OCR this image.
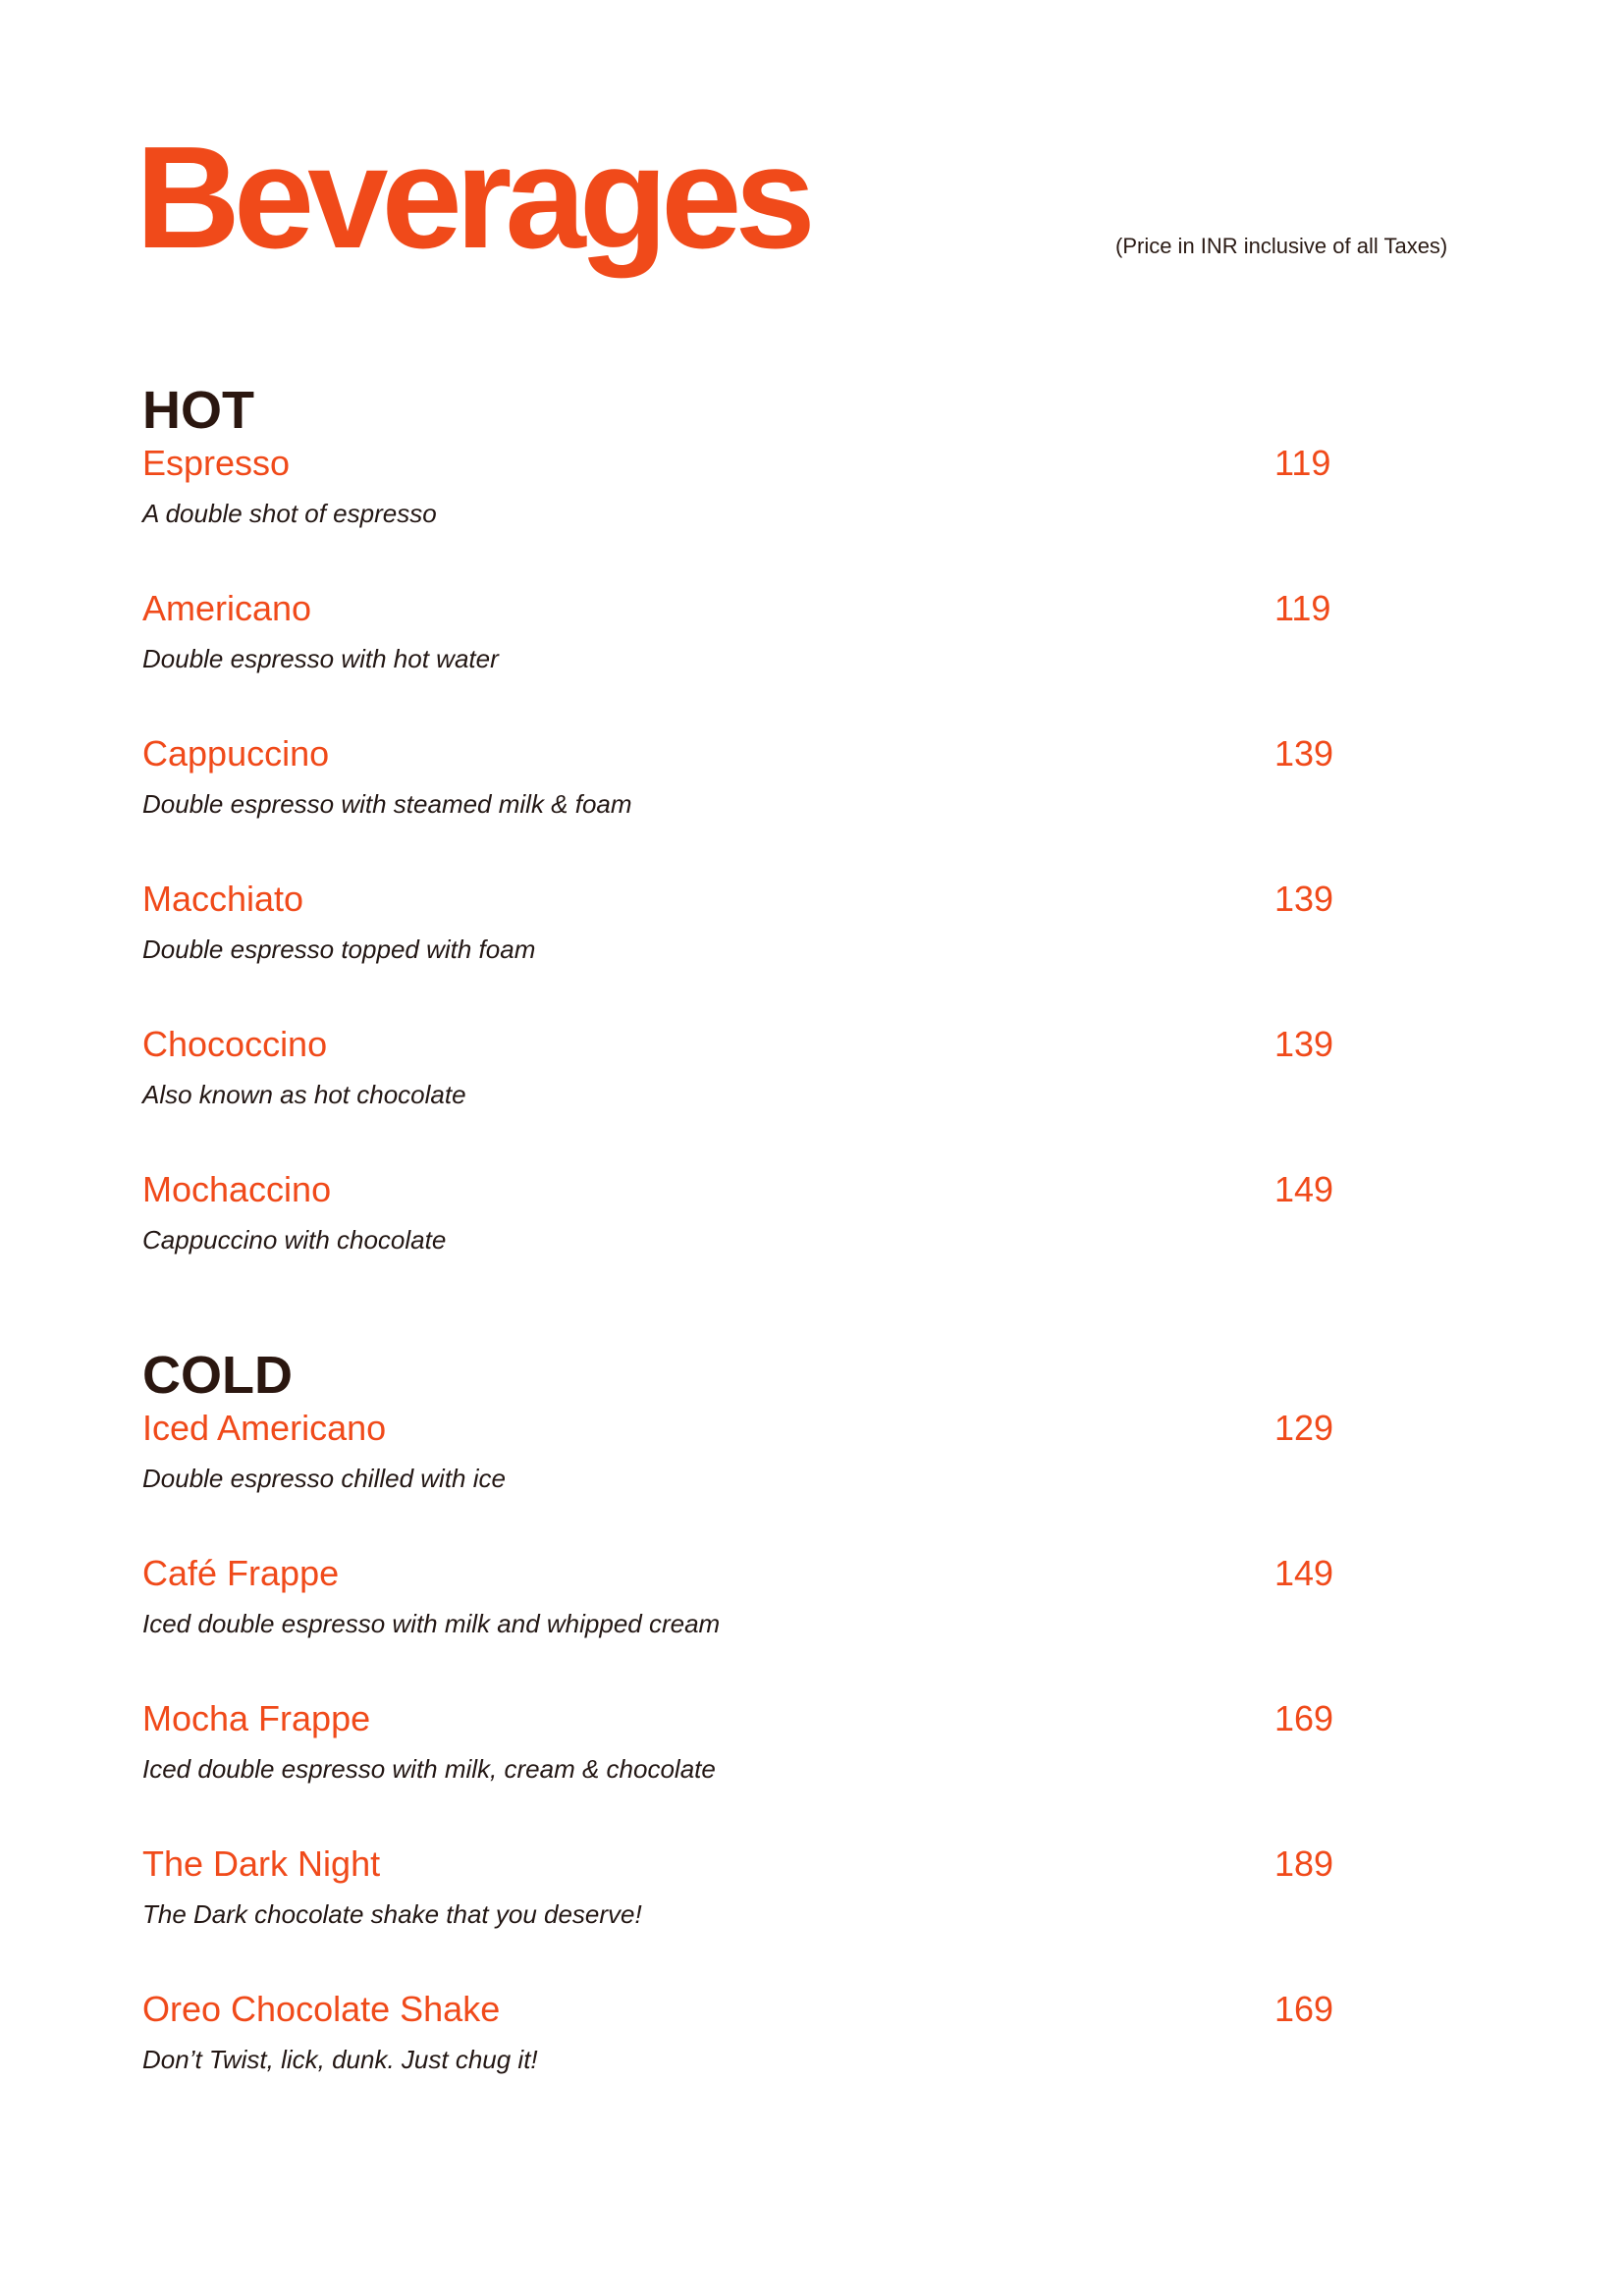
Beverages	(Price in INR inclusive of all Taxes)
HOT
Espresso	119
A double shot of espresso
Americano	119
Double espresso with hot water
Cappuccino	139
Double espresso with steamed milk & foam
Macchiato	139
Double espresso topped with foam
Chococcino	139
Also known as hot chocolate
Mochaccino	149
Cappuccino with chocolate
COLD
Iced Americano	129
Double espresso chilled with ice
Café Frappe	149
Iced double espresso with milk and whipped cream
Mocha Frappe	169
Iced double espresso with milk, cream & chocolate
The Dark Night	189
The Dark chocolate shake that you deserve!
Oreo Chocolate Shake	169
Don’t Twist, lick, dunk. Just chug it!
